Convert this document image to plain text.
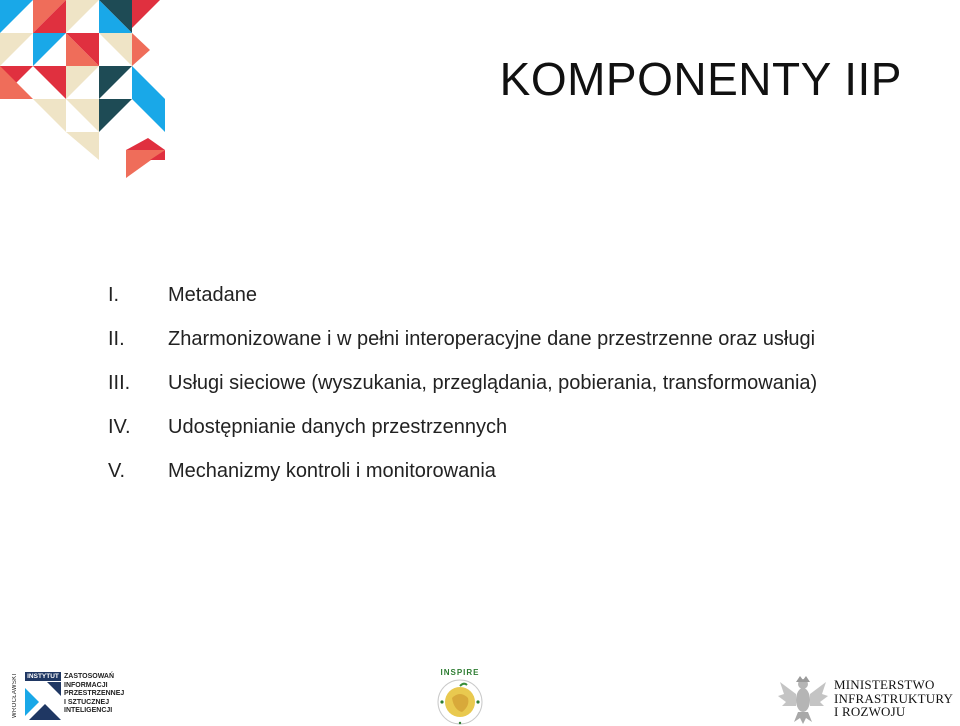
KOMPONENTY IIP
I.	Metadane
II.	Zharmonizowane i w pełni interoperacyjne dane przestrzenne oraz usługi
III.	Usługi sieciowe (wyszukania, przeglądania, pobierania, transformowania)
IV.	Udostępnianie danych przestrzennych
V.	Mechanizmy kontroli i monitorowania
WROCŁAWSKI	INSTYTUT ZASTOSOWAŃ
INFORMACJI
PRZESTRZENNEJ
I SZTUCZNEJ
INTELIGENCJI
INSPIRE
MINISTERSTWO
INFRASTRUKTURY
I ROZWOJU
